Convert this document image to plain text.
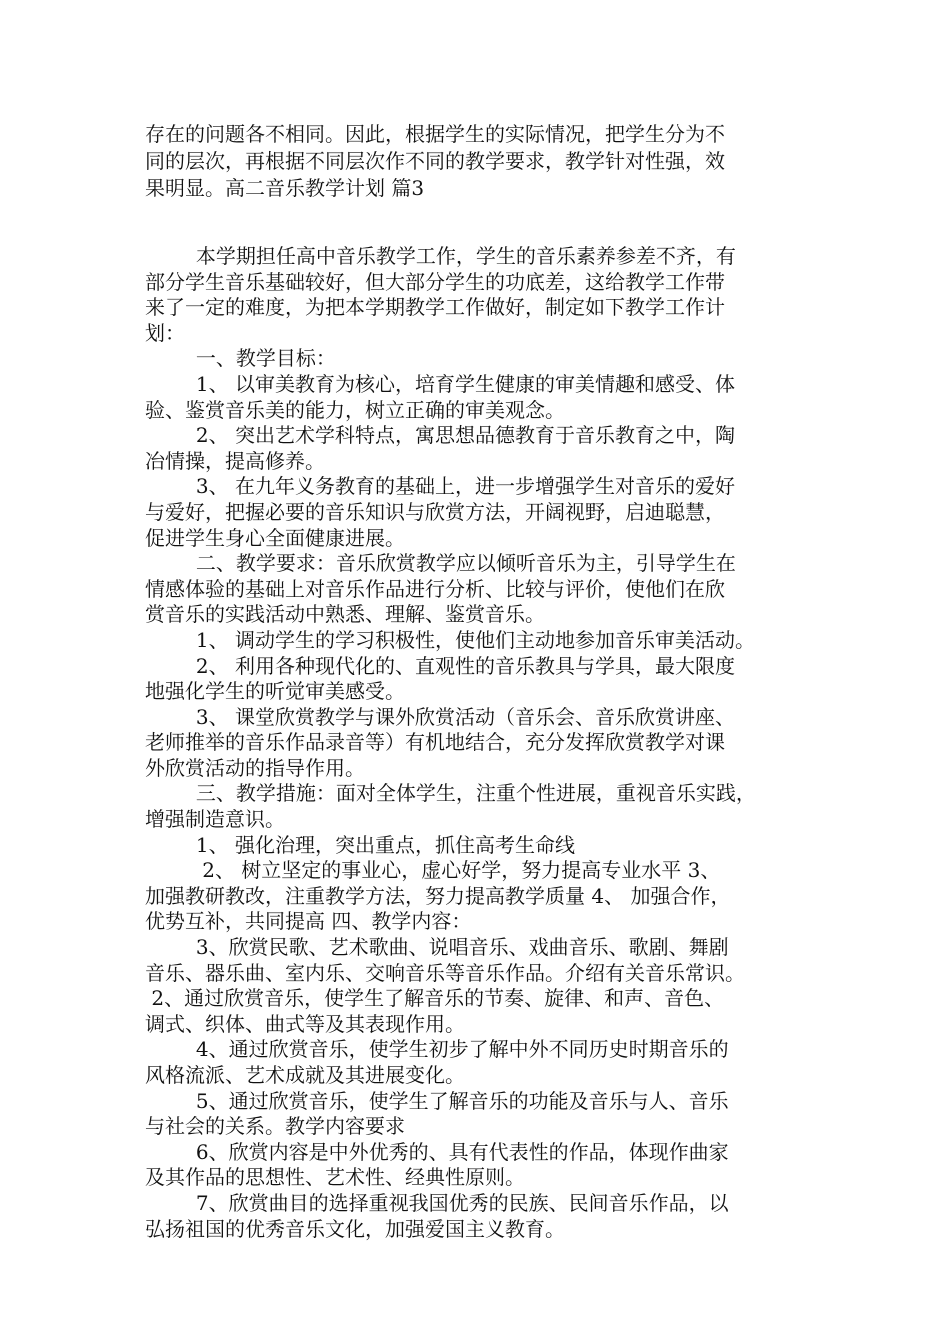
存在的问题各不相同。因此，根据学生的实际情况，把学生分为不
同的层次，再根据不同层次作不同的教学要求，教学针对性强，效
果明显。高二音乐教学计划 篇3
本学期担任高中音乐教学工作，学生的音乐素养参差不齐，有
部分学生音乐基础较好，但大部分学生的功底差，这给教学工作带
来了一定的难度，为把本学期教学工作做好，制定如下教学工作计
划：
一、教学目标：
1、 以审美教育为核心，培育学生健康的审美情趣和感受、体
验、鉴赏音乐美的能力，树立正确的审美观念。
2、 突出艺术学科特点，寓思想品德教育于音乐教育之中，陶
冶情操，提高修养。
3、 在九年义务教育的基础上，进一步增强学生对音乐的爱好
与爱好，把握必要的音乐知识与欣赏方法，开阔视野，启迪聪慧，
促进学生身心全面健康进展。
二、教学要求：音乐欣赏教学应以倾听音乐为主，引导学生在
情感体验的基础上对音乐作品进行分析、比较与评价，使他们在欣
赏音乐的实践活动中熟悉、理解、鉴赏音乐。
1、 调动学生的学习积极性，使他们主动地参加音乐审美活动。
2、 利用各种现代化的、直观性的音乐教具与学具，最大限度
地强化学生的听觉审美感受。
3、 课堂欣赏教学与课外欣赏活动（音乐会、音乐欣赏讲座、
老师推举的音乐作品录音等）有机地结合，充分发挥欣赏教学对课
外欣赏活动的指导作用。
三、教学措施：面对全体学生，注重个性进展，重视音乐实践，
增强制造意识。
1、 强化治理，突出重点，抓住高考生命线
2、 树立坚定的事业心，虚心好学，努力提高专业水平 3、
加强教研教改，注重教学方法，努力提高教学质量 4、 加强合作，
优势互补，共同提高 四、教学内容：
3、欣赏民歌、艺术歌曲、说唱音乐、戏曲音乐、歌剧、舞剧
音乐、器乐曲、室内乐、交响音乐等音乐作品。介绍有关音乐常识。
2、通过欣赏音乐，使学生了解音乐的节奏、旋律、和声、音色、
调式、织体、曲式等及其表现作用。
4、通过欣赏音乐，使学生初步了解中外不同历史时期音乐的
风格流派、艺术成就及其进展变化。
5、通过欣赏音乐，使学生了解音乐的功能及音乐与人、音乐
与社会的关系。教学内容要求
6、欣赏内容是中外优秀的、具有代表性的作品，体现作曲家
及其作品的思想性、艺术性、经典性原则。
7、欣赏曲目的选择重视我国优秀的民族、民间音乐作品，以
弘扬祖国的优秀音乐文化，加强爱国主义教育。
